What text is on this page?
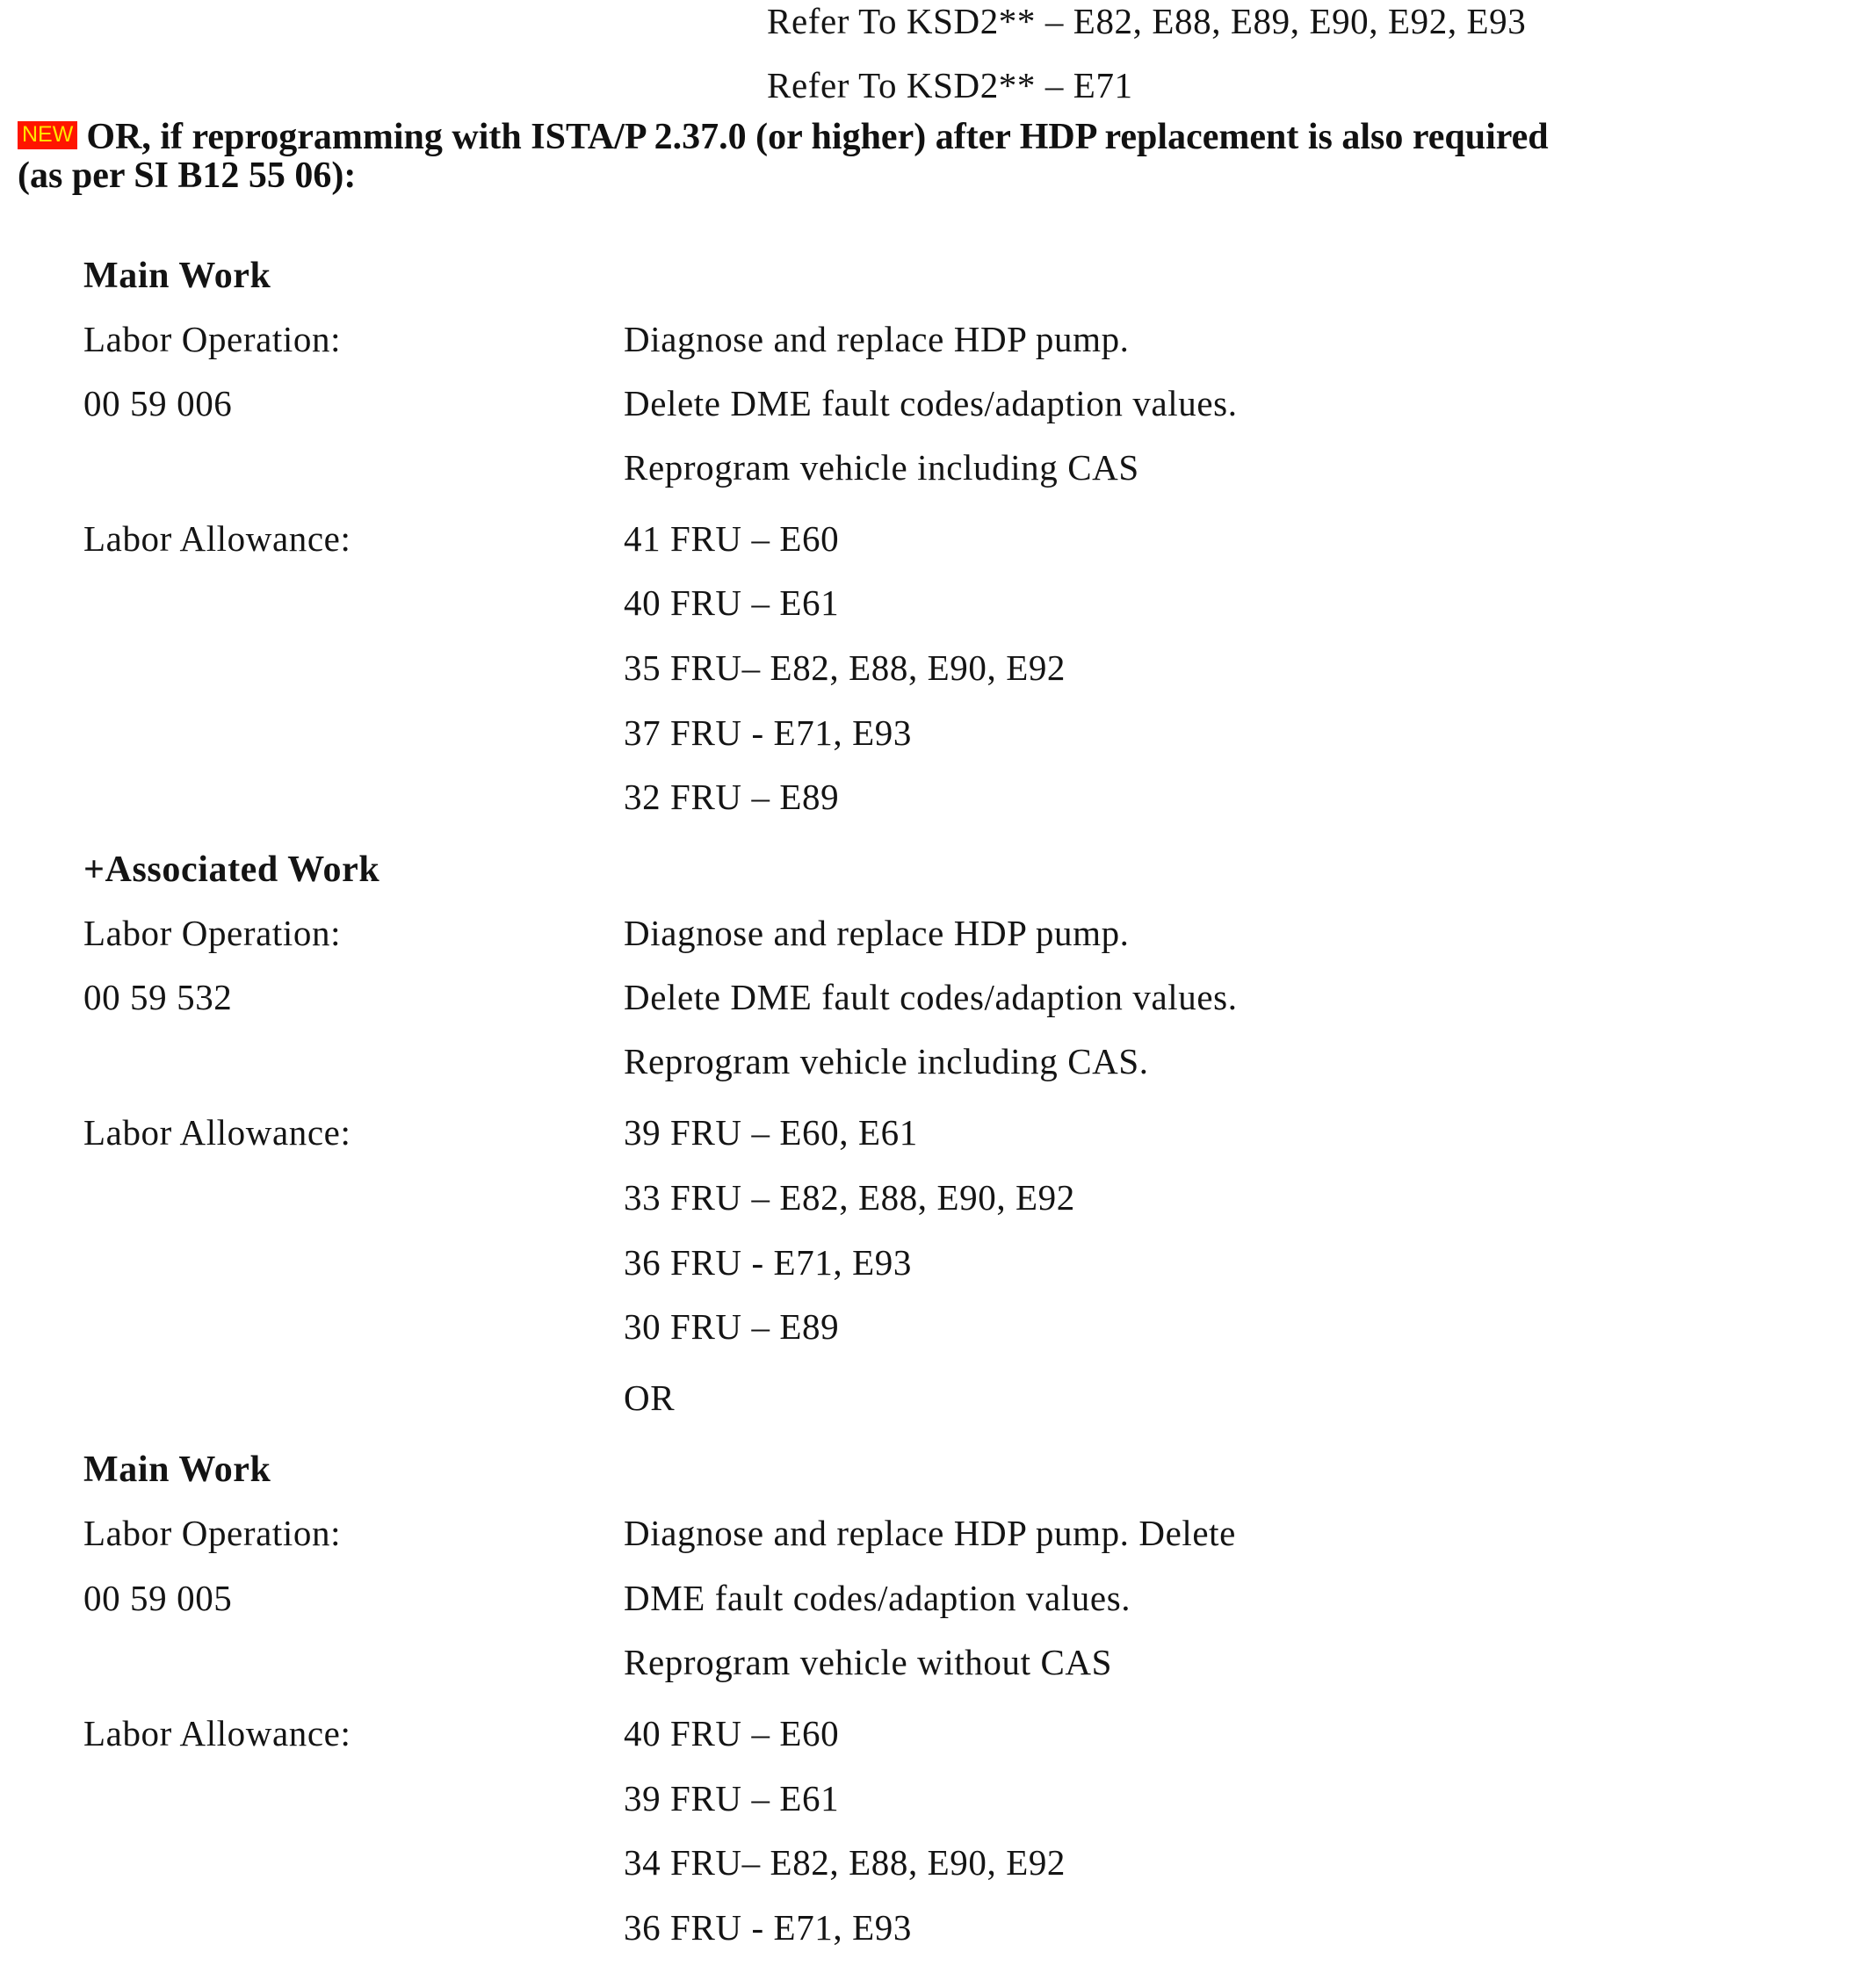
Refer To KSD2** – E82, E88, E89, E90, E92, E93
Refer To KSD2** – E71
NEW OR, if reprogramming with ISTA/P 2.37.0 (or higher) after HDP replacement is also required
(as per SI B12 55 06):
Main Work
Labor Operation:	Diagnose and replace HDP pump.
00 59 006	Delete DME fault codes/adaption values.
Reprogram vehicle including CAS
Labor Allowance:	41 FRU – E60
40 FRU – E61
35 FRU– E82, E88, E90, E92
37 FRU - E71, E93
32 FRU – E89
+Associated Work
Labor Operation:	Diagnose and replace HDP pump.
00 59 532	Delete DME fault codes/adaption values.
Reprogram vehicle including CAS.
Labor Allowance:	39 FRU – E60, E61
33 FRU – E82, E88, E90, E92
36 FRU - E71, E93
30 FRU – E89
OR
Main Work
Labor Operation:	Diagnose and replace HDP pump. Delete
00 59 005	DME fault codes/adaption values.
Reprogram vehicle without CAS
Labor Allowance:	40 FRU – E60
39 FRU – E61
34 FRU– E82, E88, E90, E92
36 FRU - E71, E93
